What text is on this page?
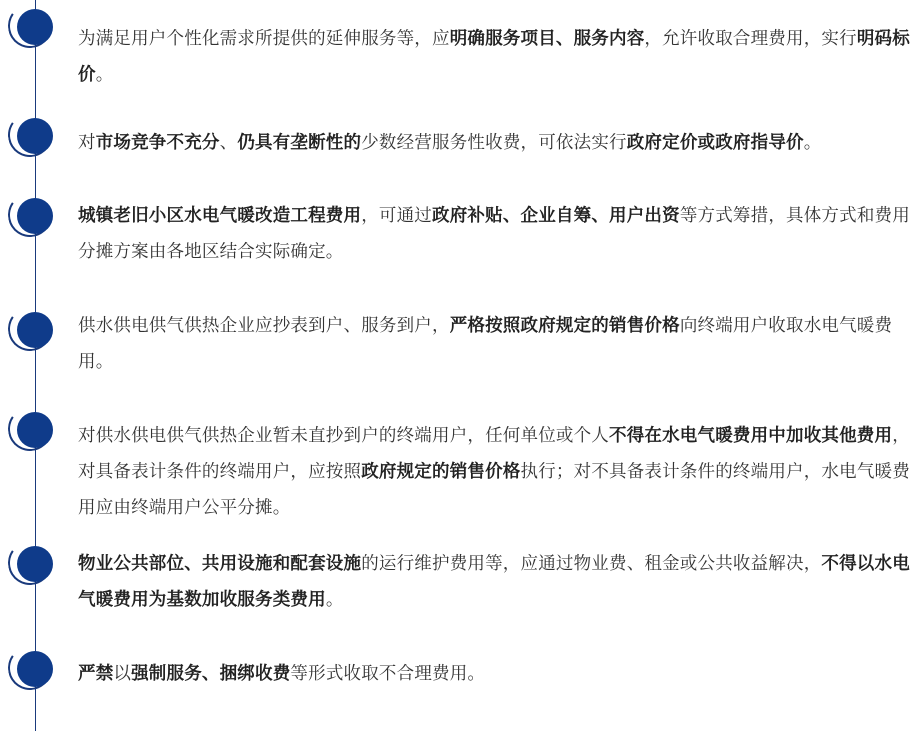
为满足用户个性化需求所提供的延伸服务等，应明确服务项目、服务内容，允许收取合理费用，实行明码标价。
对市场竞争不充分、仍具有垄断性的少数经营服务性收费，可依法实行政府定价或政府指导价。
城镇老旧小区水电气暖改造工程费用，可通过政府补贴、企业自筹、用户出资等方式筹措，具体方式和费用分摊方案由各地区结合实际确定。
供水供电供气供热企业应抄表到户、服务到户，严格按照政府规定的销售价格向终端用户收取水电气暖费用。
对供水供电供气供热企业暂未直抄到户的终端用户，任何单位或个人不得在水电气暖费用中加收其他费用，对具备表计条件的终端用户，应按照政府规定的销售价格执行；对不具备表计条件的终端用户，水电气暖费用应由终端用户公平分摊。
物业公共部位、共用设施和配套设施的运行维护费用等，应通过物业费、租金或公共收益解决，不得以水电气暖费用为基数加收服务类费用。
严禁以强制服务、捆绑收费等形式收取不合理费用。
